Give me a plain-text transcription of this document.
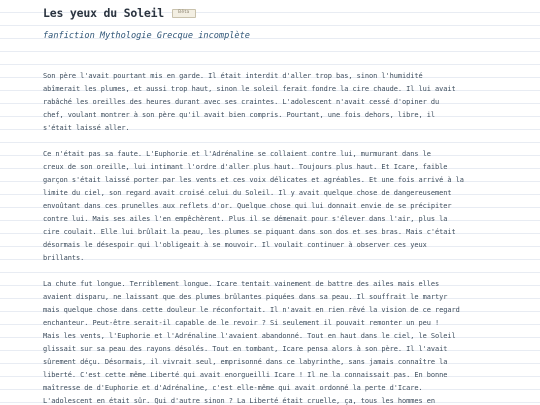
Les yeux du Soleil	Bêta
fanfiction Mythologie Grecque incomplète
Son père l'avait pourtant mis en garde. Il était interdit d'aller trop bas, sinon l'humidité
abîmerait les plumes, et aussi trop haut, sinon le soleil ferait fondre la cire chaude. Il lui avait
rabâché les oreilles des heures durant avec ses craintes. L'adolescent n'avait cessé d'opiner du
chef, voulant montrer à son père qu'il avait bien compris. Pourtant, une fois dehors, libre, il
s'était laissé aller.
Ce n'était pas sa faute. L'Euphorie et l'Adrénaline se collaient contre lui, murmurant dans le
creux de son oreille, lui intimant l'ordre d'aller plus haut. Toujours plus haut. Et Icare, faible
garçon s'était laissé porter par les vents et ces voix délicates et agréables. Et une fois arrivé à la
limite du ciel, son regard avait croisé celui du Soleil. Il y avait quelque chose de dangereusement
envoûtant dans ces prunelles aux reflets d'or. Quelque chose qui lui donnait envie de se précipiter
contre lui. Mais ses ailes l'en empêchèrent. Plus il se démenait pour s'élever dans l'air, plus la
cire coulait. Elle lui brûlait la peau, les plumes se piquant dans son dos et ses bras. Mais c'était
désormais le désespoir qui l'obligeait à se mouvoir. Il voulait continuer à observer ces yeux
brillants.
La chute fut longue. Terriblement longue. Icare tentait vainement de battre des ailes mais elles
avaient disparu, ne laissant que des plumes brûlantes piquées dans sa peau. Il souffrait le martyr
mais quelque chose dans cette douleur le réconfortait. Il n'avait en rien rêvé la vision de ce regard
enchanteur. Peut-être serait-il capable de le revoir ? Si seulement il pouvait remonter un peu !
Mais les vents, l'Euphorie et l'Adrénaline l'avaient abandonné. Tout en haut dans le ciel, le Soleil
glissait sur sa peau des rayons désolés. Tout en tombant, Icare pensa alors à son père. Il l'avait
sûrement déçu. Désormais, il vivrait seul, emprisonné dans ce labyrinthe, sans jamais connaître la
liberté. C'est cette même Liberté qui avait enorgueilli Icare ! Il ne la connaissait pas. En bonne
maîtresse de d'Euphorie et d'Adrénaline, c'est elle-même qui avait ordonné la perte d'Icare.
L'adolescent en était sûr. Qui d'autre sinon ? La Liberté était cruelle, ça, tous les hommes en
